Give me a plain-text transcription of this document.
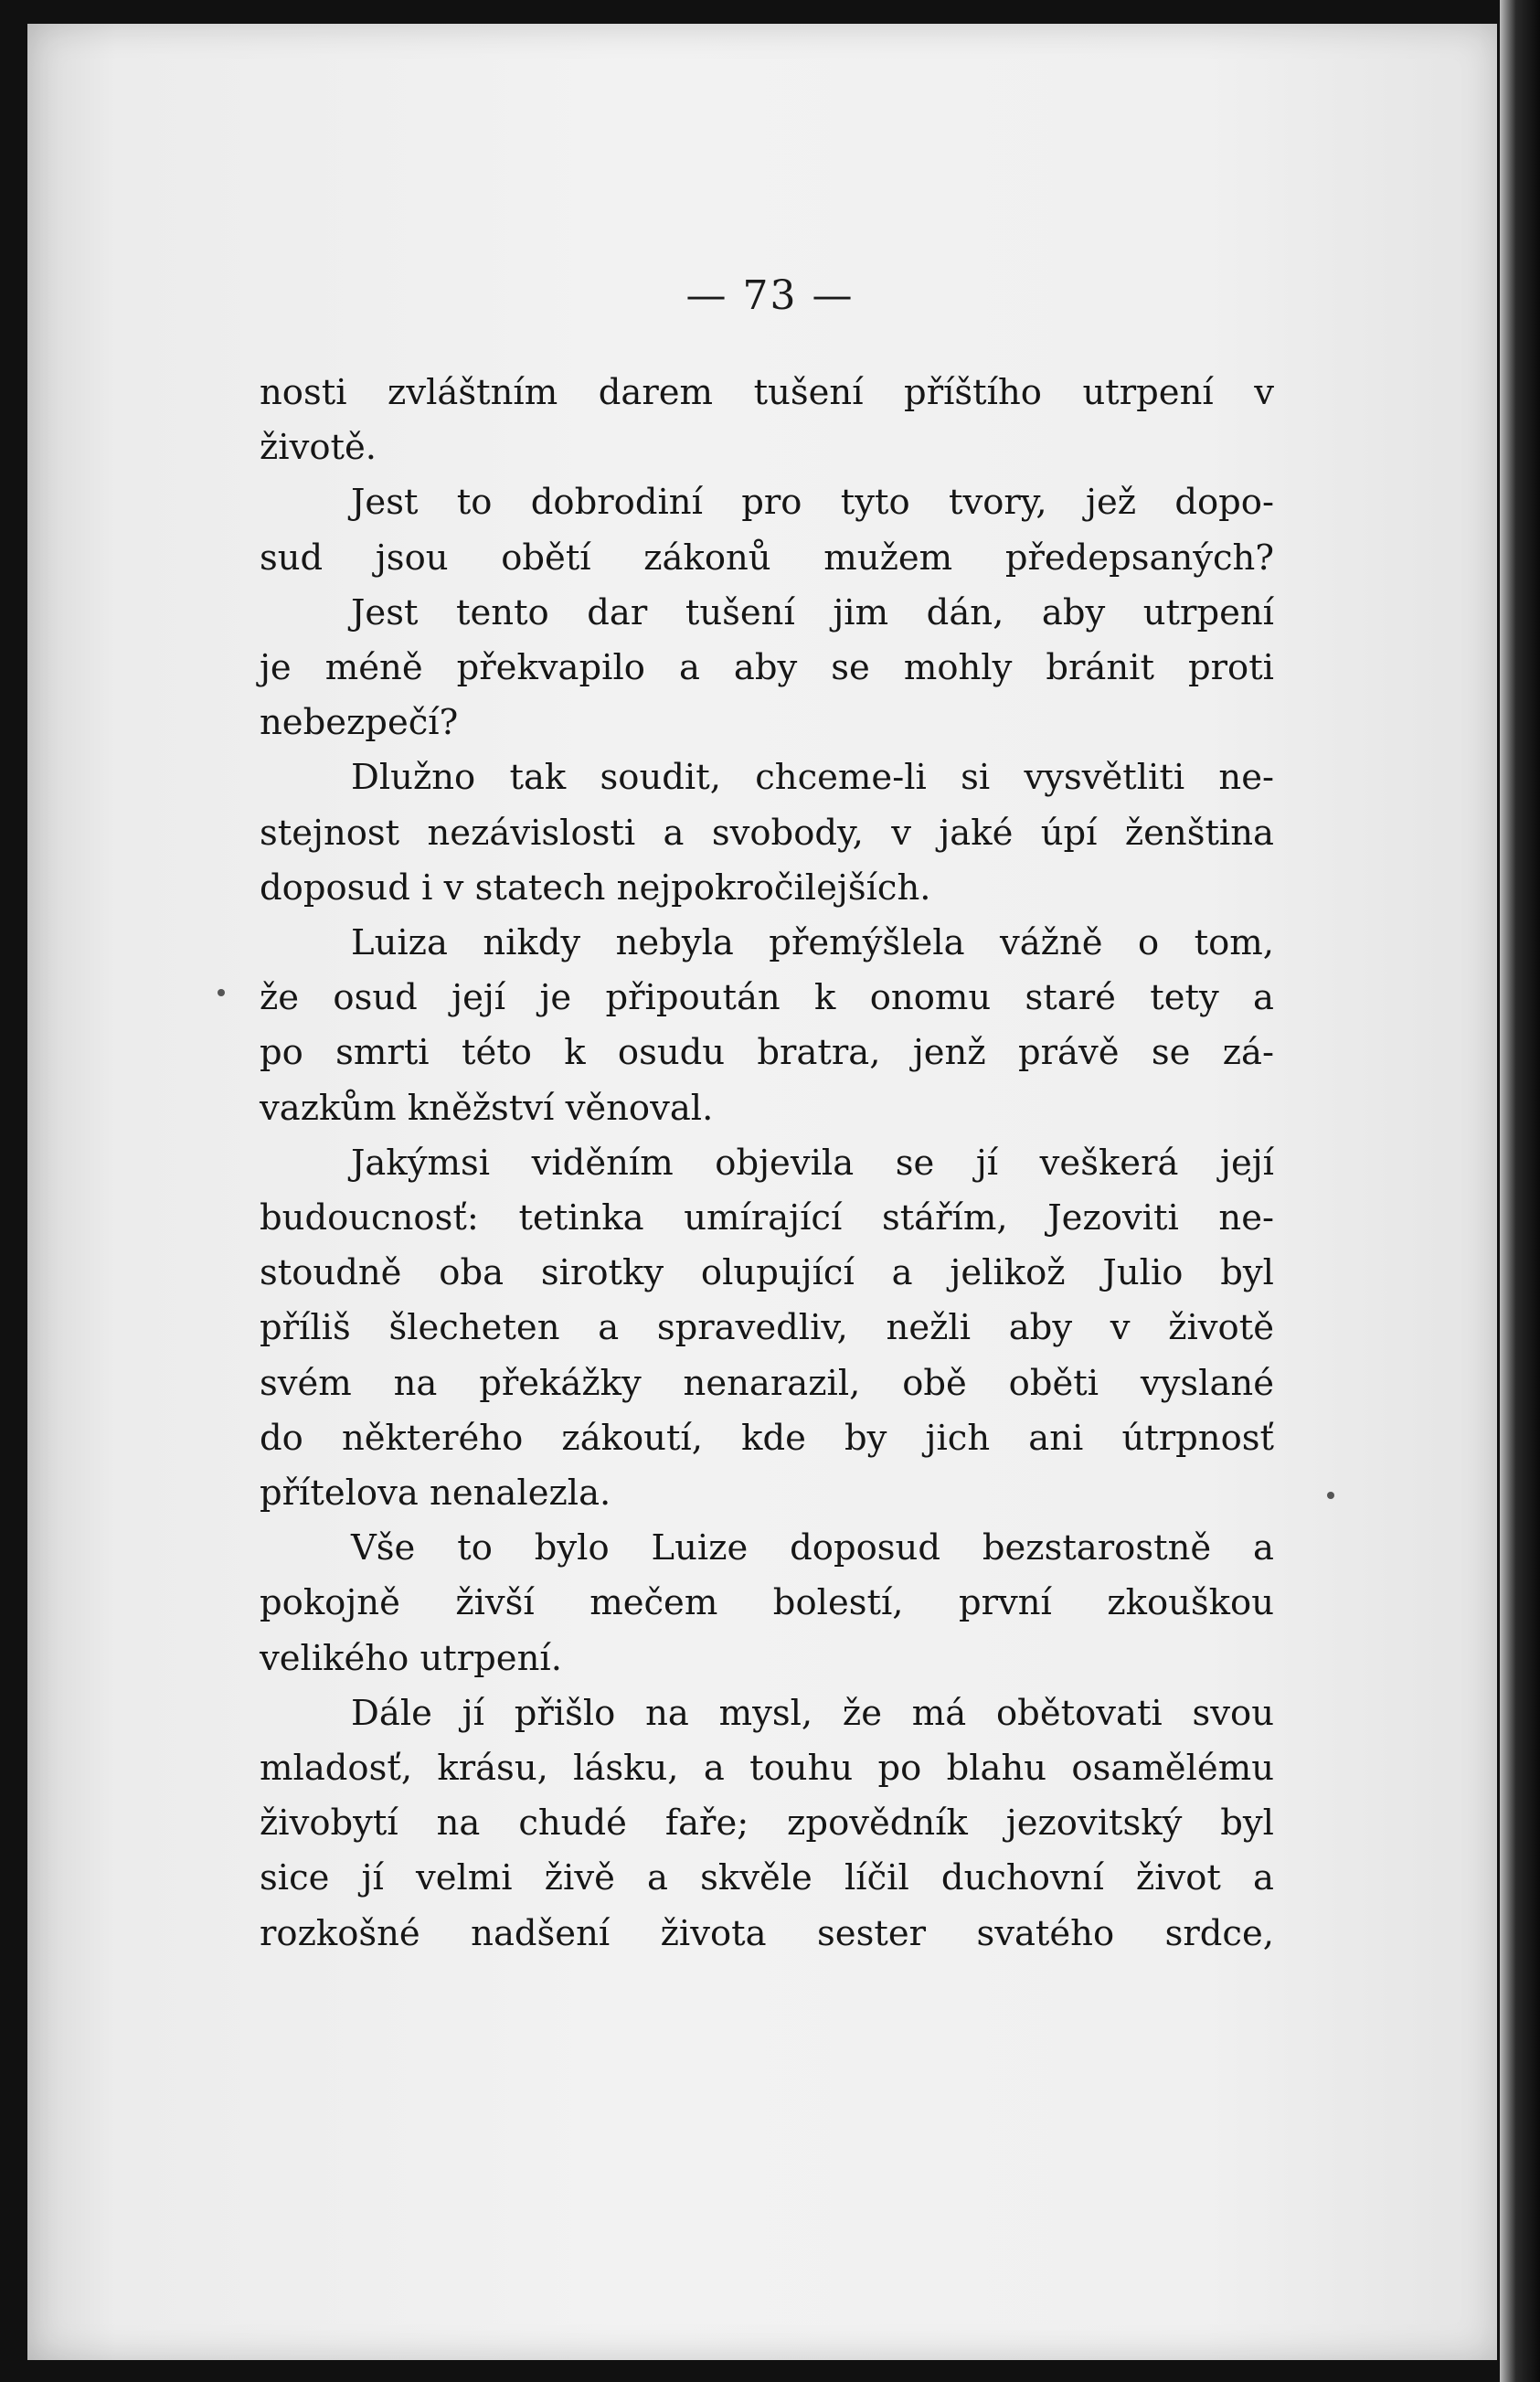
— 73 —
nosti zvláštním darem tušení příštího utrpení v
životě.
Jest to dobrodiní pro tyto tvory, jež dopo-
sud jsou obětí zákonů mužem předepsaných?
Jest tento dar tušení jim dán, aby utrpení
je méně překvapilo a aby se mohly bránit proti
nebezpečí?
Dlužno tak soudit, chceme-li si vysvětliti ne-
stejnost nezávislosti a svobody, v jaké úpí ženština
doposud i v statech nejpokročilejších.
Luiza nikdy nebyla přemýšlela vážně o tom,
že osud její je připoután k onomu staré tety a
po smrti této k osudu bratra, jenž právě se zá-
vazkům kněžství věnoval.
Jakýmsi viděním objevila se jí veškerá její
budoucnosť: tetinka umírající stářím, Jezoviti ne-
stoudně oba sirotky olupující a jelikož Julio byl
příliš šlecheten a spravedliv, nežli aby v životě
svém na překážky nenarazil, obě oběti vyslané
do některého zákoutí, kde by jich ani útrpnosť
přítelova nenalezla.
Vše to bylo Luize doposud bezstarostně a
pokojně živší mečem bolestí, první zkouškou
velikého utrpení.
Dále jí přišlo na mysl, že má obětovati svou
mladosť, krásu, lásku, a touhu po blahu osamělému
živobytí na chudé faře; zpovědník jezovitský byl
sice jí velmi živě a skvěle líčil duchovní život a
rozkošné nadšení života sester svatého srdce,
